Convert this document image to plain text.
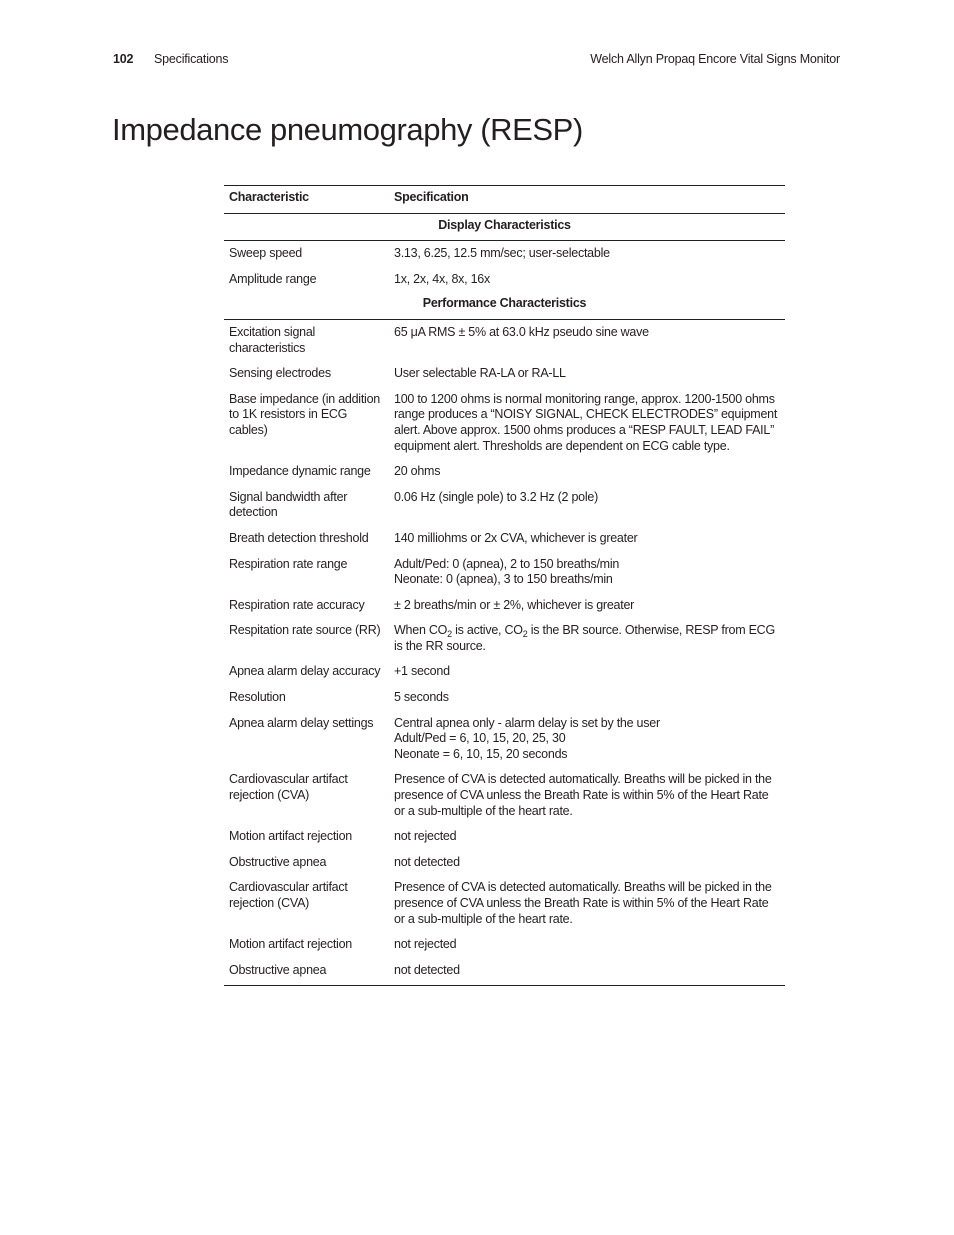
102 Specifications	Welch Allyn Propaq Encore Vital Signs Monitor
Impedance pneumography (RESP)
Characteristic	Specification
Display Characteristics	
Sweep speed	3.13, 6.25, 12.5 mm/sec; user-selectable
Amplitude range	1x, 2x, 4x, 8x, 16x
Performance Characteristics	
Excitation signal characteristics	65 μA RMS ± 5% at 63.0 kHz pseudo sine wave
Sensing electrodes	User selectable RA-LA or RA-LL
Base impedance (in addition to 1K resistors in ECG cables)	100 to 1200 ohms is normal monitoring range, approx. 1200-1500 ohms range produces a “NOISY SIGNAL, CHECK ELECTRODES” equipment alert. Above approx. 1500 ohms produces a “RESP FAULT, LEAD FAIL” equipment alert. Thresholds are dependent on ECG cable type.
Impedance dynamic range	20 ohms
Signal bandwidth after detection	0.06 Hz (single pole) to 3.2 Hz (2 pole)
Breath detection threshold	140 milliohms or 2x CVA, whichever is greater
Respiration rate range	Adult/Ped: 0 (apnea), 2 to 150 breaths/min
Neonate: 0 (apnea), 3 to 150 breaths/min

Respiration rate accuracy	± 2 breaths/min or ± 2%, whichever is greater
Respitation rate source (RR)	When $CO_2$ is active, $CO_2$ is the BR source. Otherwise, RESP from ECG is the RR source.
Apnea alarm delay accuracy	+1 second
Resolution	5 seconds
Apnea alarm delay settings	Central apnea only - alarm delay is set by the user
Adult/Ped = 6, 10, 15, 20, 25, 30
Neonate = 6, 10, 15, 20 seconds

Cardiovascular artifact rejection (CVA)	Presence of CVA is detected automatically. Breaths will be picked in the presence of CVA unless the Breath Rate is within 5% of the Heart Rate or a sub-multiple of the heart rate.
Motion artifact rejection	not rejected
Obstructive apnea	not detected
Cardiovascular artifact rejection (CVA)	Presence of CVA is detected automatically. Breaths will be picked in the presence of CVA unless the Breath Rate is within 5% of the Heart Rate or a sub-multiple of the heart rate.
Motion artifact rejection	not rejected
Obstructive apnea	not detected
